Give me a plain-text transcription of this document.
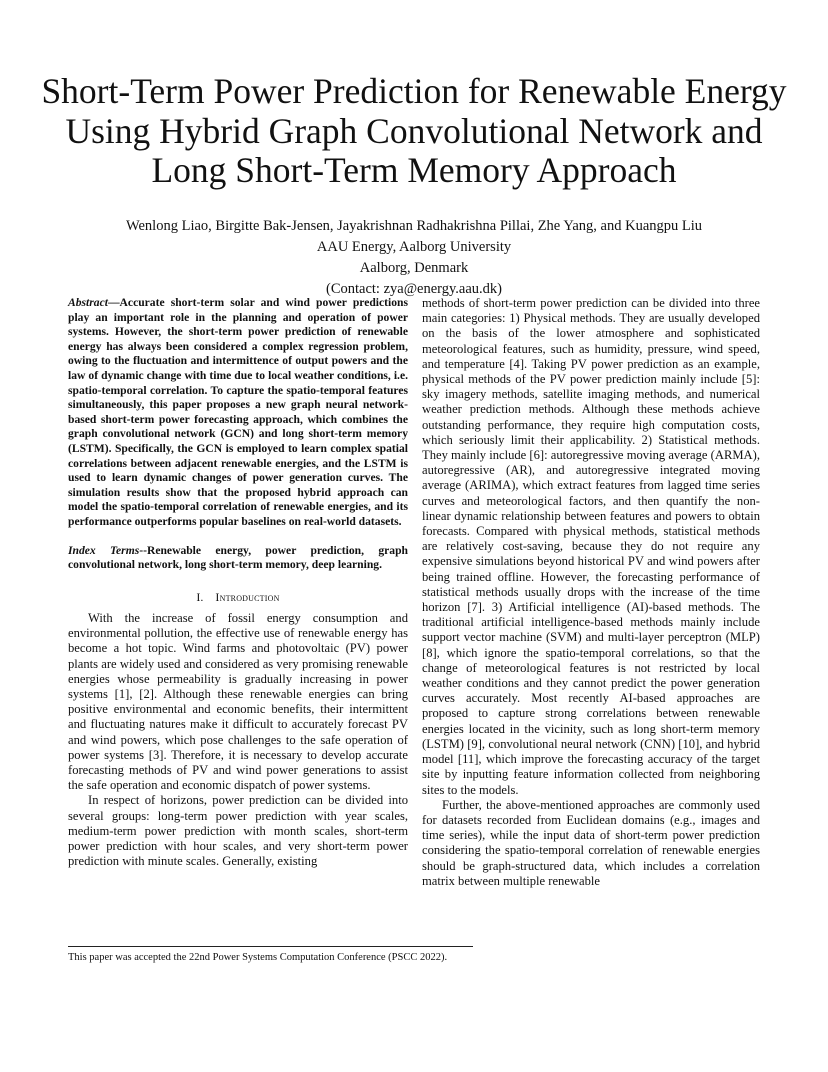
Short-Term Power Prediction for Renewable Energy Using Hybrid Graph Convolutional Network and Long Short-Term Memory Approach
Wenlong Liao, Birgitte Bak-Jensen, Jayakrishnan Radhakrishna Pillai, Zhe Yang, and Kuangpu Liu
AAU Energy, Aalborg University
Aalborg, Denmark
(Contact: zya@energy.aau.dk)

Abstract—Accurate short-term solar and wind power predictions play an important role in the planning and operation of power systems. However, the short-term power prediction of renewable energy has always been considered a complex regression problem, owing to the fluctuation and intermittence of output powers and the law of dynamic change with time due to local weather conditions, i.e. spatio-temporal correlation. To capture the spatio-temporal features simultaneously, this paper proposes a new graph neural network-based short-term power forecasting approach, which combines the graph convolutional network (GCN) and long short-term memory (LSTM). Specifically, the GCN is employed to learn complex spatial correlations between adjacent renewable energies, and the LSTM is used to learn dynamic changes of power generation curves. The simulation results show that the proposed hybrid approach can model the spatio-temporal correlation of renewable energies, and its performance outperforms popular baselines on real-world datasets.

Index Terms--Renewable energy, power prediction, graph convolutional network, long short-term memory, deep learning.

I. Introduction

With the increase of fossil energy consumption and environmental pollution, the effective use of renewable energy has become a hot topic. Wind farms and photovoltaic (PV) power plants are widely used and considered as very promising renewable energies whose permeability is gradually increasing in power systems [1], [2]. Although these renewable energies can bring positive environmental and economic benefits, their intermittent and fluctuating natures make it difficult to accurately forecast PV and wind powers, which pose challenges to the safe operation of power systems [3]. Therefore, it is necessary to develop accurate forecasting methods of PV and wind power generations to assist the safe operation and economic dispatch of power systems.

In respect of horizons, power prediction can be divided into several groups: long-term power prediction with year scales, medium-term power prediction with month scales, short-term power prediction with hour scales, and very short-term power prediction with minute scales. Generally, existing

methods of short-term power prediction can be divided into three main categories: 1) Physical methods. They are usually developed on the basis of the lower atmosphere and sophisticated meteorological features, such as humidity, pressure, wind speed, and temperature [4]. Taking PV power prediction as an example, physical methods of the PV power prediction mainly include [5]: sky imagery methods, satellite imaging methods, and numerical weather prediction methods. Although these methods achieve outstanding performance, they require high computation costs, which seriously limit their applicability. 2) Statistical methods. They mainly include [6]: autoregressive moving average (ARMA), autoregressive (AR), and autoregressive integrated moving average (ARIMA), which extract features from lagged time series curves and meteorological factors, and then quantify the non-linear dynamic relationship between features and powers to obtain forecasts. Compared with physical methods, statistical methods are relatively cost-saving, because they do not require any expensive simulations beyond historical PV and wind powers after being trained offline. However, the forecasting performance of statistical methods usually drops with the increase of the time horizon [7]. 3) Artificial intelligence (AI)-based methods. The traditional artificial intelligence-based methods mainly include support vector machine (SVM) and multi-layer perceptron (MLP) [8], which ignore the spatio-temporal correlations, so that the change of meteorological features is not restricted by local weather conditions and they cannot predict the power generation curves accurately. Most recently AI-based approaches are proposed to capture strong correlations between renewable energies located in the vicinity, such as long short-term memory (LSTM) [9], convolutional neural network (CNN) [10], and hybrid model [11], which improve the forecasting accuracy of the target site by inputting feature information collected from neighboring sites to the models.

Further, the above-mentioned approaches are commonly used for datasets recorded from Euclidean domains (e.g., images and time series), while the input data of short-term power prediction considering the spatio-temporal correlation of renewable energies should be graph-structured data, which includes a correlation matrix between multiple renewable

This paper was accepted the 22nd Power Systems Computation Conference (PSCC 2022).
